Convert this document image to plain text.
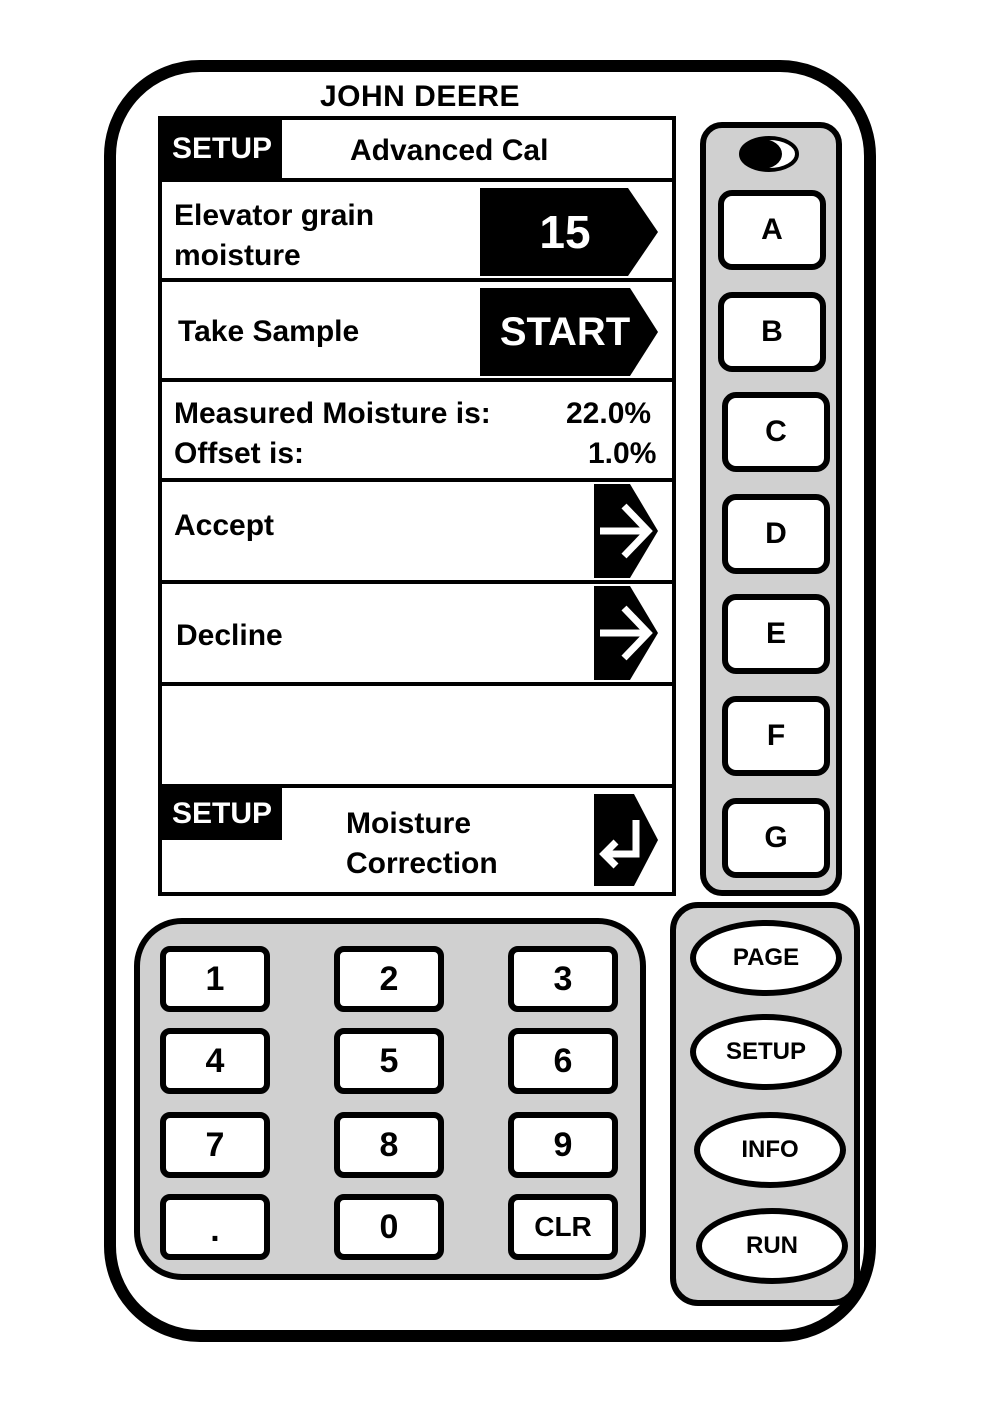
JOHN DEERE
SETUP	Advanced Cal
Elevator grain
moisture	15
Take Sample	START
Measured Moisture is:	22.0%
Offset is:	1.0%
Accept
Decline
SETUP	Moisture
Correction
A
B
C
D
E
F
G
1	2	3
4	5	6
7	8	9
.	0	CLR
PAGE
SETUP
INFO
RUN
